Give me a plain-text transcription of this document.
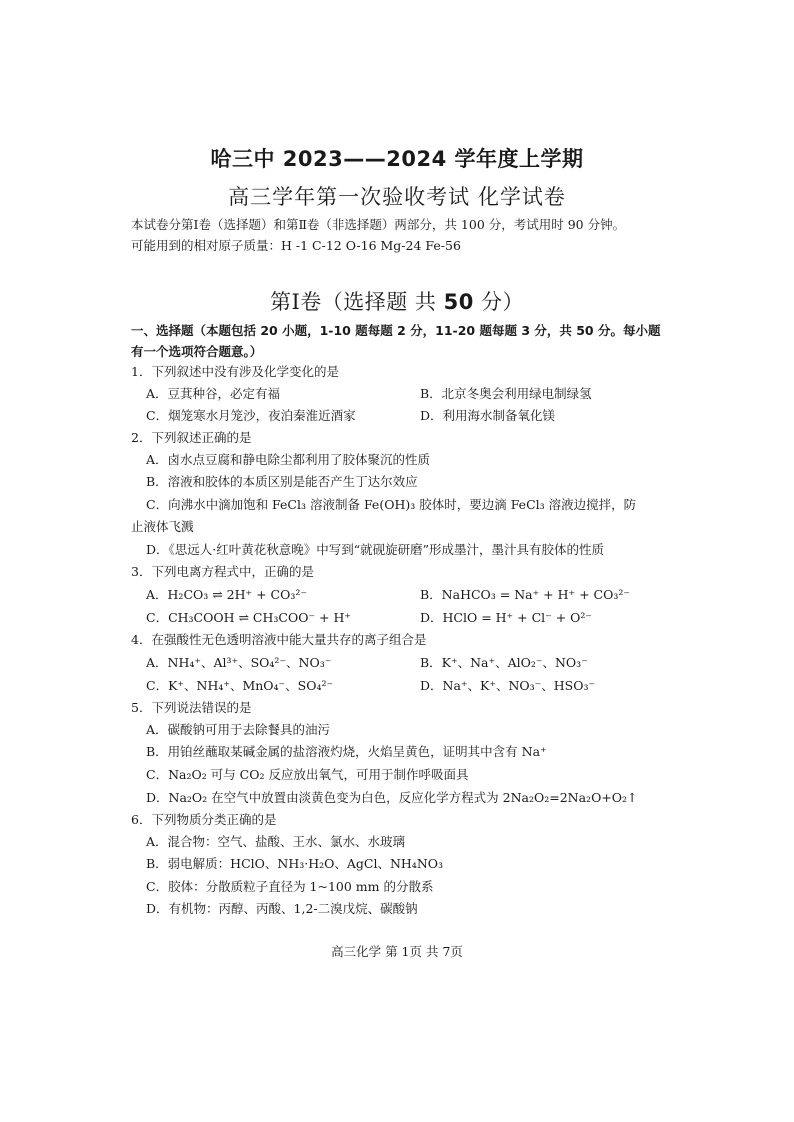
哈三中 2023——2024 学年度上学期
高三学年第一次验收考试 化学试卷
本试卷分第Ⅰ卷（选择题）和第Ⅱ卷（非选择题）两部分，共 100 分，考试用时 90 分钟。
可能用到的相对原子质量：H -1 C-12 O-16 Mg-24 Fe-56
第Ⅰ卷（选择题 共 50 分）
一、选择题（本题包括 20 小题，1-10 题每题 2 分，11-20 题每题 3 分，共 50 分。每小题
有一个选项符合题意。）
1．下列叙述中没有涉及化学变化的是
A．豆萁种谷，必定有福	B．北京冬奥会利用绿电制绿氢
C．烟笼寒水月笼沙，夜泊秦淮近酒家	D．利用海水制备氧化镁
2．下列叙述正确的是
A．卤水点豆腐和静电除尘都利用了胶体聚沉的性质
B．溶液和胶体的本质区别是能否产生丁达尔效应
C．向沸水中滴加饱和 FeCl₃ 溶液制备 Fe(OH)₃ 胶体时，要边滴 FeCl₃ 溶液边搅拌，防
止液体飞溅
D．《思远人·红叶黄花秋意晚》中写到“就砚旋研磨”形成墨汁，墨汁具有胶体的性质
3．下列电离方程式中，正确的是
A．H₂CO₃ ⇌ 2H⁺ + CO₃²⁻	B．NaHCO₃ = Na⁺ + H⁺ + CO₃²⁻
C．CH₃COOH ⇌ CH₃COO⁻ + H⁺	D．HClO = H⁺ + Cl⁻ + O²⁻
4．在强酸性无色透明溶液中能大量共存的离子组合是
A．NH₄⁺、Al³⁺、SO₄²⁻、NO₃⁻	B．K⁺、Na⁺、AlO₂⁻、NO₃⁻
C．K⁺、NH₄⁺、MnO₄⁻、SO₄²⁻	D．Na⁺、K⁺、NO₃⁻、HSO₃⁻
5．下列说法错误的是
A．碳酸钠可用于去除餐具的油污
B．用铂丝蘸取某碱金属的盐溶液灼烧，火焰呈黄色，证明其中含有 Na⁺
C．Na₂O₂ 可与 CO₂ 反应放出氧气，可用于制作呼吸面具
D．Na₂O₂ 在空气中放置由淡黄色变为白色，反应化学方程式为 2Na₂O₂=2Na₂O+O₂↑
6．下列物质分类正确的是
A．混合物：空气、盐酸、王水、氯水、水玻璃
B．弱电解质：HClO、NH₃·H₂O、AgCl、NH₄NO₃
C．胶体：分散质粒子直径为 1~100 mm 的分散系
D．有机物：丙醇、丙酸、1,2-二溴戊烷、碳酸钠
高三化学 第 1页 共 7页
